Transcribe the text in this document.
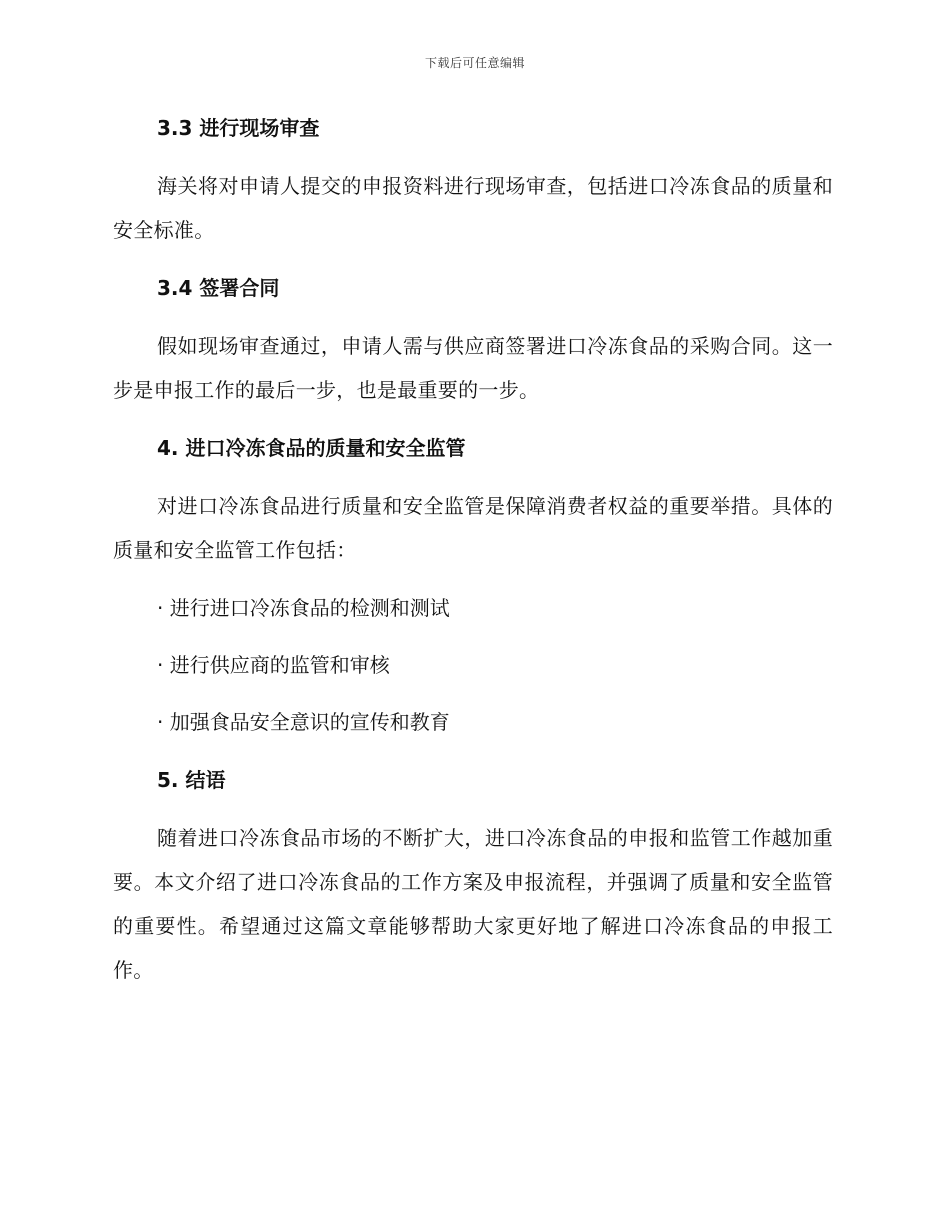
下载后可任意编辑
3.3 进行现场审查

海关将对申请人提交的申报资料进行现场审查，包括进口冷冻食品的质量和安全标准。

3.4 签署合同

假如现场审查通过，申请人需与供应商签署进口冷冻食品的采购合同。这一步是申报工作的最后一步，也是最重要的一步。

4. 进口冷冻食品的质量和安全监管

对进口冷冻食品进行质量和安全监管是保障消费者权益的重要举措。具体的质量和安全监管工作包括：

· 进行进口冷冻食品的检测和测试

· 进行供应商的监管和审核

· 加强食品安全意识的宣传和教育

5. 结语

随着进口冷冻食品市场的不断扩大，进口冷冻食品的申报和监管工作越加重要。本文介绍了进口冷冻食品的工作方案及申报流程，并强调了质量和安全监管的重要性。希望通过这篇文章能够帮助大家更好地了解进口冷冻食品的申报工作。
